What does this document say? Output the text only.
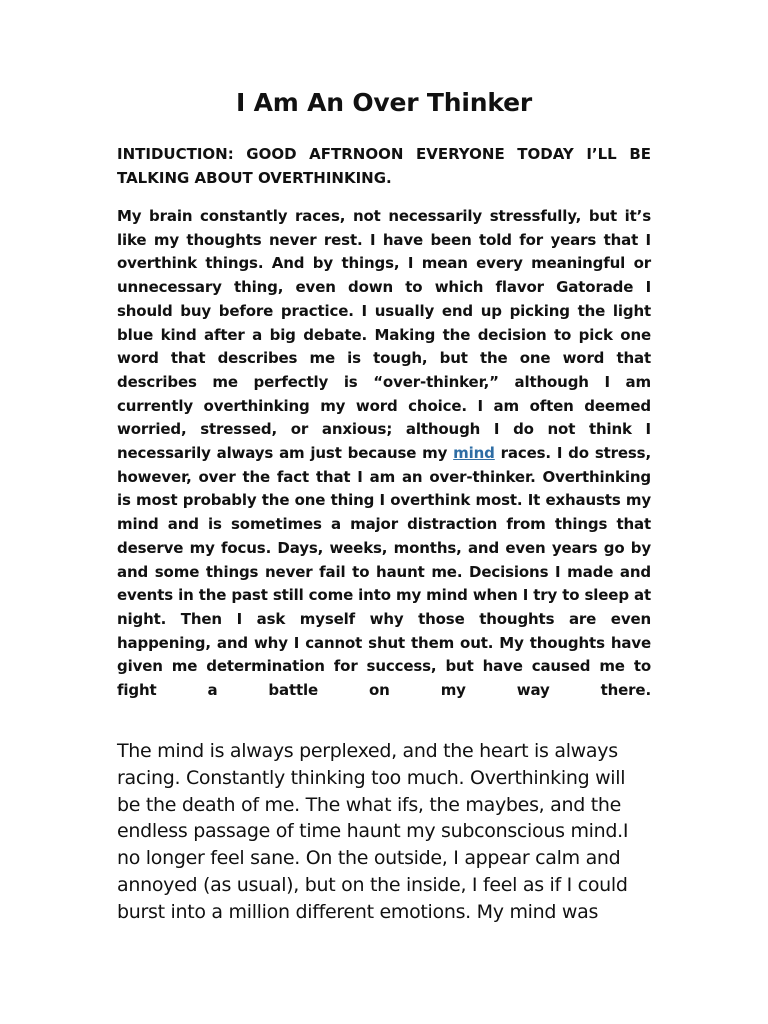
I Am An Over Thinker

INTIDUCTION: GOOD AFTRNOON EVERYONE TODAY I’LL BE TALKING ABOUT OVERTHINKING.

My brain constantly races, not necessarily stressfully, but it’s like my thoughts never rest. I have been told for years that I overthink things. And by things, I mean every meaningful or unnecessary thing, even down to which flavor Gatorade I should buy before practice. I usually end up picking the light blue kind after a big debate. Making the decision to pick one word that describes me is tough, but the one word that describes me perfectly is “over-thinker,” although I am currently overthinking my word choice. I am often deemed worried, stressed, or anxious; although I do not think I necessarily always am just because my mind races. I do stress, however, over the fact that I am an over-thinker. Overthinking is most probably the one thing I overthink most. It exhausts my mind and is sometimes a major distraction from things that deserve my focus. Days, weeks, months, and even years go by and some things never fail to haunt me. Decisions I made and events in the past still come into my mind when I try to sleep at night. Then I ask myself why those thoughts are even happening, and why I cannot shut them out. My thoughts have given me determination for success, but have caused me to fight a battle on my way there.

The mind is always perplexed, and the heart is always racing. Constantly thinking too much. Overthinking will be the death of me. The what ifs, the maybes, and the endless passage of time haunt my subconscious mind.I no longer feel sane. On the outside, I appear calm and annoyed (as usual), but on the inside, I feel as if I could burst into a million different emotions. My mind was
